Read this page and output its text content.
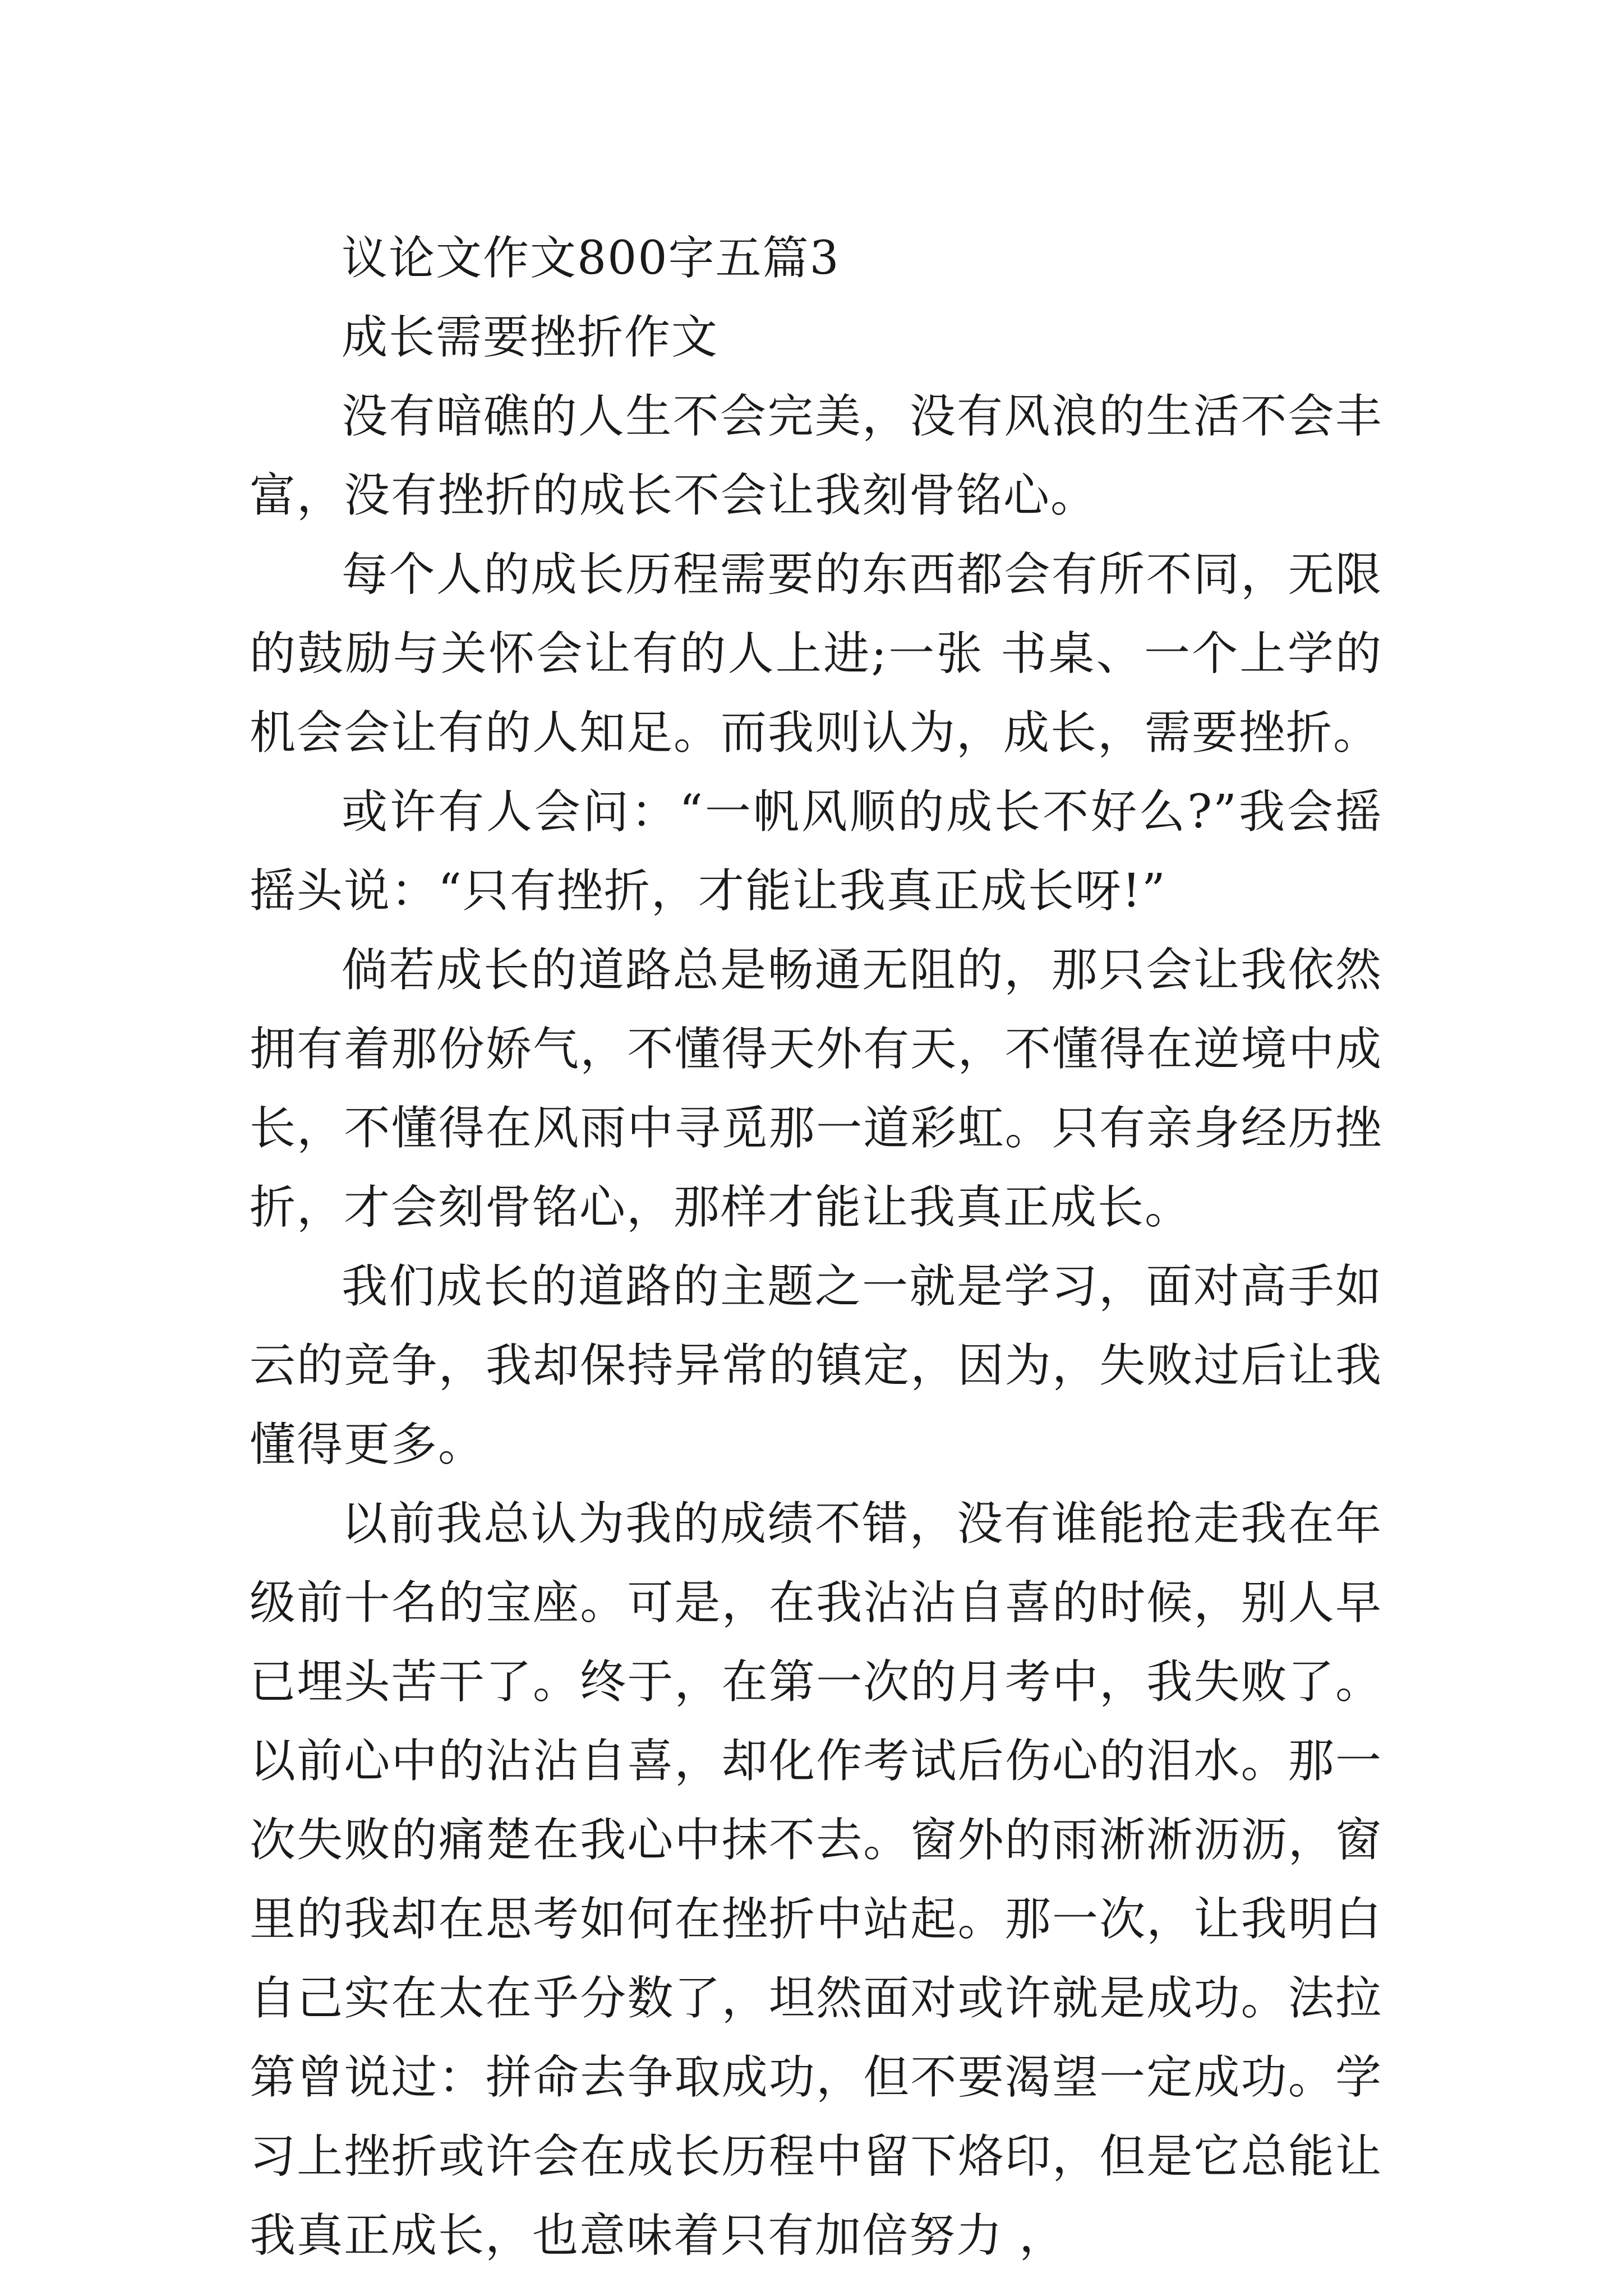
议论文作文800字五篇3

成长需要挫折作文

没有暗礁的人生不会完美，没有风浪的生活不会丰富，没有挫折的成长不会让我刻骨铭心。

每个人的成长历程需要的东西都会有所不同，无限的鼓励与关怀会让有的人上进;一张 书桌、一个上学的机会会让有的人知足。而我则认为，成长，需要挫折。

或许有人会问：“一帆风顺的成长不好么?”我会摇摇头说：“只有挫折，才能让我真正成长呀!”

倘若成长的道路总是畅通无阻的，那只会让我依然拥有着那份娇气，不懂得天外有天，不懂得在逆境中成长，不懂得在风雨中寻觅那一道彩虹。只有亲身经历挫折，才会刻骨铭心，那样才能让我真正成长。

我们成长的道路的主题之一就是学习，面对高手如云的竞争，我却保持异常的镇定，因为，失败过后让我懂得更多。

以前我总认为我的成绩不错，没有谁能抢走我在年级前十名的宝座。可是，在我沾沾自喜的时候，别人早已埋头苦干了。终于，在第一次的月考中，我失败了。以前心中的沾沾自喜，却化作考试后伤心的泪水。那一次失败的痛楚在我心中抹不去。窗外的雨淅淅沥沥，窗里的我却在思考如何在挫折中站起。那一次，让我明白自己实在太在乎分数了，坦然面对或许就是成功。法拉第曾说过：拼命去争取成功，但不要渴望一定成功。学习上挫折或许会在成长历程中留下烙印，但是它总能让我真正成长，也意味着只有加倍努力 ，
